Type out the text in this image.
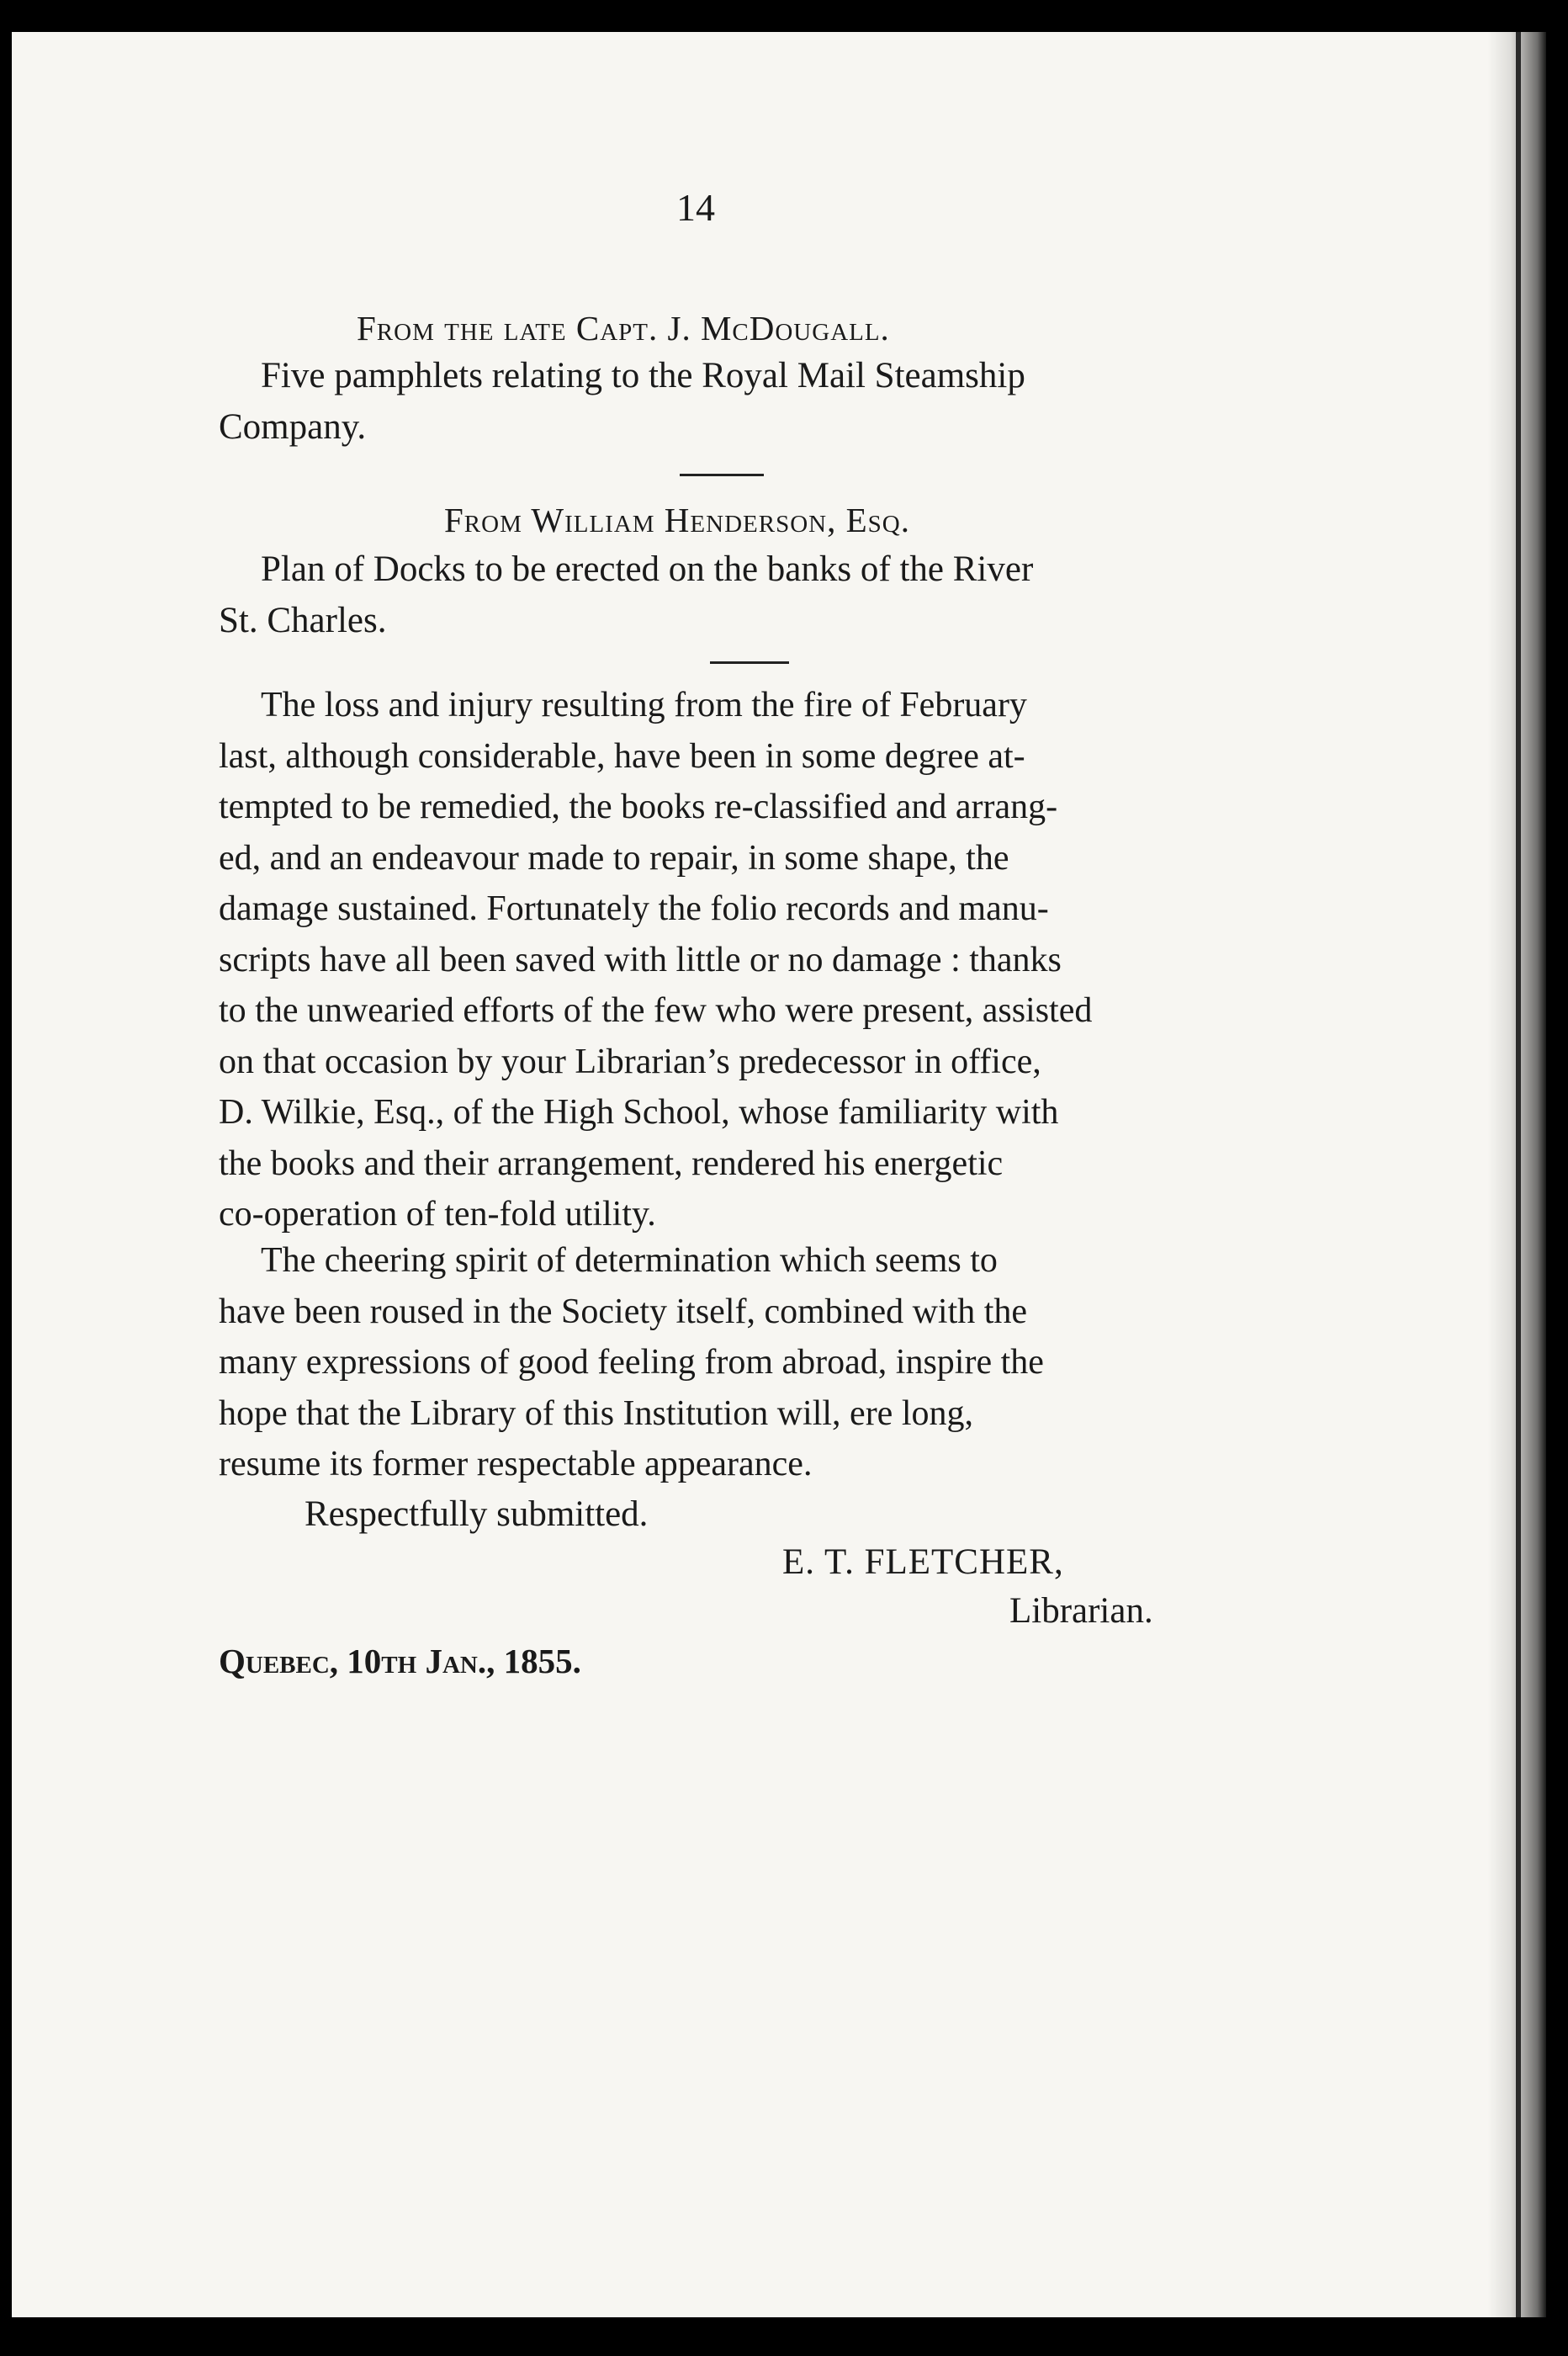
14
From the late Capt. J. McDougall.
Five pamphlets relating to the Royal Mail Steamship
Company.
From William Henderson, Esq.
Plan of Docks to be erected on the banks of the River
St. Charles.
The loss and injury resulting from the fire of February
last, although considerable, have been in some degree at-
tempted to be remedied, the books re-classified and arrang-
ed, and an endeavour made to repair, in some shape, the
damage sustained. Fortunately the folio records and manu-
scripts have all been saved with little or no damage : thanks
to the unwearied efforts of the few who were present, assisted
on that occasion by your Librarian’s predecessor in office,
D. Wilkie, Esq., of the High School, whose familiarity with
the books and their arrangement, rendered his energetic
co-operation of ten-fold utility.
The cheering spirit of determination which seems to
have been roused in the Society itself, combined with the
many expressions of good feeling from abroad, inspire the
hope that the Library of this Institution will, ere long,
resume its former respectable appearance.
Respectfully submitted.
E. T. FLETCHER,
Librarian.
Quebec, 10th Jan., 1855.
